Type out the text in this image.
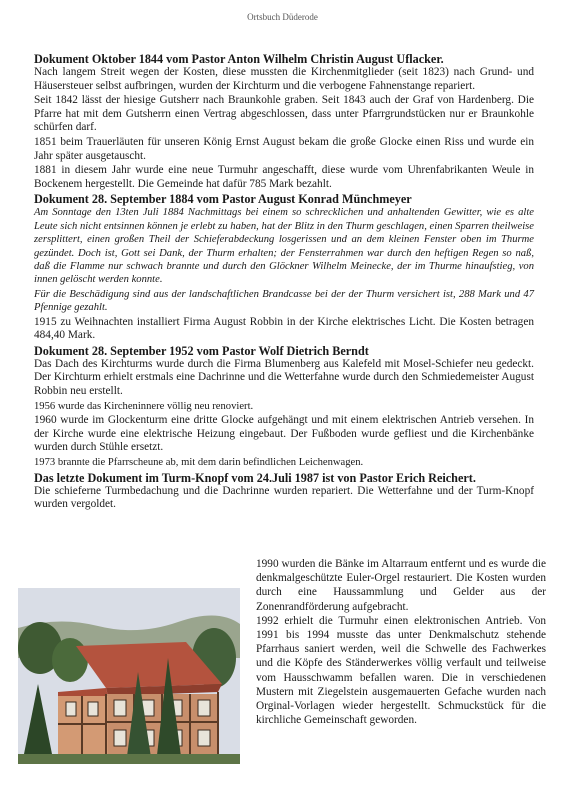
Ortsbuch Düderode
Dokument Oktober 1844 vom Pastor Anton Wilhelm Christin August Uflacker.

Nach langem Streit wegen der Kosten, diese mussten die Kirchenmitglieder (seit 1823) nach Grund- und Häusersteuer selbst aufbringen, wurden der Kirchturm und die verbogene Fahnenstange repariert.

Seit 1842 lässt der hiesige Gutsherr nach Braunkohle graben. Seit 1843 auch der Graf von Hardenberg. Die Pfarre hat mit dem Gutsherrn einen Vertrag abgeschlossen, dass unter Pfarrgrundstücken nur er Braunkohle schürfen darf.

1851 beim Trauerläuten für unseren König Ernst August bekam die große Glocke einen Riss und wurde ein Jahr später ausgetauscht.

1881 in diesem Jahr wurde eine neue Turmuhr angeschafft, diese wurde vom Uhrenfabrikanten Weule in Bockenem hergestellt. Die Gemeinde hat dafür 785 Mark bezahlt.

Dokument 28. September 1884 vom Pastor August Konrad Münchmeyer

Am Sonntage den 13ten Juli 1884 Nachmittags bei einem so schrecklichen und anhaltenden Gewitter, wie es alte Leute sich nicht entsinnen können je erlebt zu haben, hat der Blitz in den Thurm geschlagen, einen Sparren theilweise zersplittert, einen großen Theil der Schieferabdeckung losgerissen und an dem kleinen Fenster oben im Thurme gezündet. Doch ist, Gott sei Dank, der Thurm erhalten; der Fensterrahmen war durch den heftigen Regen so naß, daß die Flamme nur schwach brannte und durch den Glöckner Wilhelm Meinecke, der im Thurme hinaufstieg, von innen gelöscht werden konnte.

Für die Beschädigung sind aus der landschaftlichen Brandcasse bei der der Thurm versichert ist, 288 Mark und 47 Pfennige gezahlt.

1915 zu Weihnachten installiert Firma August Robbin in der Kirche elektrisches Licht. Die Kosten betragen 484,40 Mark.

Dokument 28. September 1952 vom Pastor Wolf Dietrich Berndt

Das Dach des Kirchturms wurde durch die Firma Blumenberg aus Kalefeld mit Mosel-Schiefer neu gedeckt. Der Kirchturm erhielt erstmals eine Dachrinne und die Wetterfahne wurde durch den Schmiedemeister August Robbin neu erstellt.

1956 wurde das Kircheninnere völlig neu renoviert.

1960 wurde im Glockenturm eine dritte Glocke aufgehängt und mit einem elektrischen Antrieb versehen. In der Kirche wurde eine elektrische Heizung eingebaut. Der Fußboden wurde gefliest und die Kirchenbänke wurden durch Stühle ersetzt.

1973 brannte die Pfarrscheune ab, mit dem darin befindlichen Leichenwagen.

Das letzte Dokument im Turm-Knopf vom 24.Juli 1987 ist von Pastor Erich Reichert.

Die schieferne Turmbedachung und die Dachrinne wurden repariert. Die Wetterfahne und der Turm-Knopf wurden vergoldet.

1990 wurden die Bänke im Altarraum entfernt und es wurde die denkmalgeschützte Euler-Orgel restauriert. Die Kosten wurden durch eine Haussammlung und Gelder aus der Zonenrandförderung aufgebracht.

1992 erhielt die Turmuhr einen elektronischen Antrieb. Von 1991 bis 1994 musste das unter Denkmalschutz stehende Pfarrhaus saniert werden, weil die Schwelle des Fachwerkes und die Köpfe des Ständerwerkes völlig verfault und teilweise vom Hausschwamm befallen waren. Die in verschiedenen Mustern mit Ziegelstein ausgemauerten Gefache wurden nach Orginal-Vorlagen wieder hergestellt. Schmuckstück für die kirchliche Gemeinschaft geworden.
